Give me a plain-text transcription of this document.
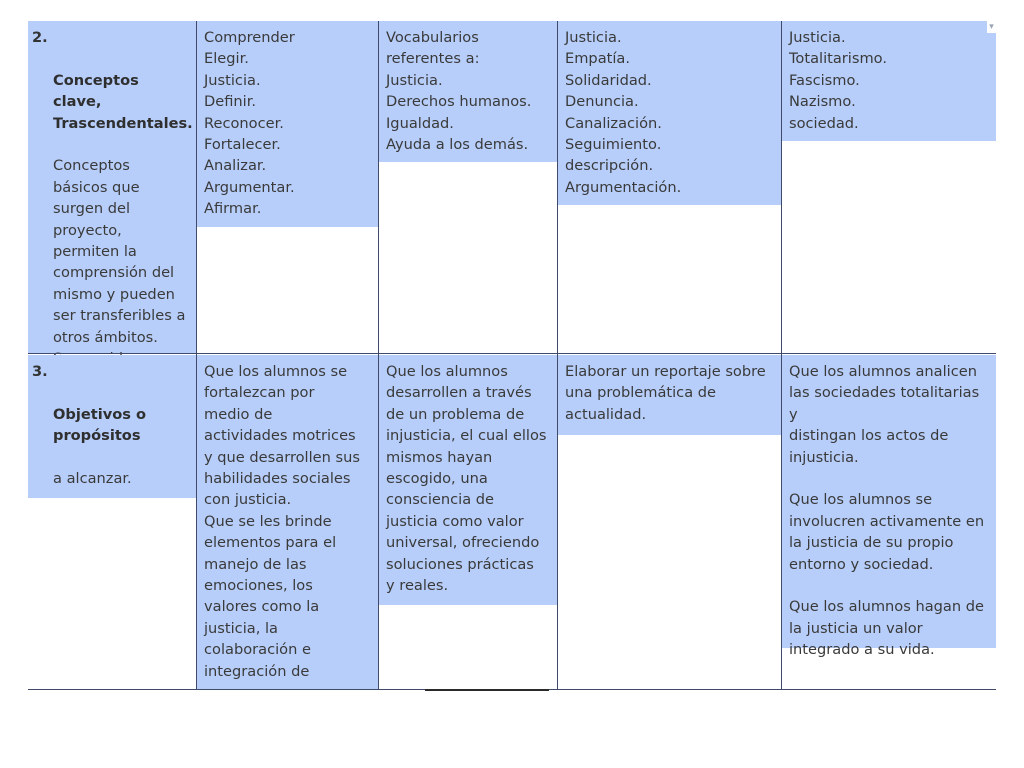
2.

Conceptos clave,
Trascendentales.

Conceptos
básicos que
surgen del
proyecto,
permiten la
comprensión del
mismo y pueden
ser transferibles a
otros ámbitos.

Comprender
Elegir.
Justicia.
Definir.
Reconocer.
Fortalecer.
Analizar.
Argumentar.
Afirmar.
Vocabularios
referentes a:
Justicia.
Derechos humanos.
Igualdad.
Ayuda a los demás.
Justicia.
Empatía.
Solidaridad.
Denuncia.
Canalización.
Seguimiento.
descripción.
Argumentación.
Justicia.
Totalitarismo.
Fascismo.
Nazismo.
sociedad.

3.

Objetivos o
propósitos

a alcanzar.

Que los alumnos se
fortalezcan por
medio de
actividades motrices
y que desarrollen sus
habilidades sociales
con justicia.
Que se les brinde
elementos para el
manejo de las
emociones, los
valores como la
justicia, la
colaboración e
integración de
Que los alumnos
desarrollen a través
de un problema de
injusticia, el cual ellos
mismos hayan
escogido, una
consciencia de
justicia como valor
universal, ofreciendo
soluciones prácticas
y reales.
Elaborar un reportaje sobre
una problemática de
actualidad.
Que los alumnos analicen
las sociedades totalitarias y
distingan los actos de
injusticia.

Que los alumnos se
involucren activamente en
la justicia de su propio
entorno y sociedad.

Que los alumnos hagan de
la justicia un valor
integrado a su vida.
▾
